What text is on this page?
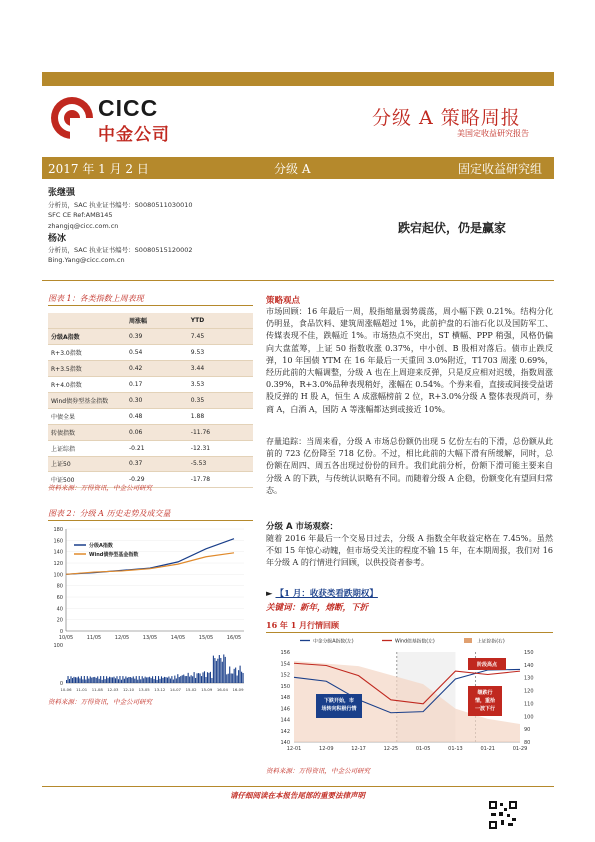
CICC
中金公司
分级 A 策略周报
美国定收益研究报告
2017 年 1 月 2 日	分级 A	固定收益研究组
张继强
分析员，SAC 执业证书编号：S0080511030010
SFC CE Ref:AMB145
zhangjq@cicc.com.cn
杨冰
分析员，SAC 执业证书编号：S0080515120002
Bing.Yang@cicc.com.cn
跌宕起伏，仍是赢家
图表 1：各类指数上周表现
	周涨幅	YTD
分级A指数	0.39	7.45
R+3.0指数	0.54	9.53
R+3.5指数	0.42	3.44
R+4.0指数	0.17	3.53
Wind债券型基金指数	0.30	0.35
中债全果	0.48	1.88
转债指数	0.06	-11.76
上证综指	-0.21	-12.31
上证50	0.37	-5.53
中证500	-0.29	-17.78
资料来源：万得资讯，中金公司研究
图表 2：分级 A 历史走势及成交量
0
20
40
60
80
100
120
140
160
180
10/05	11/05	12/05	13/05	14/05	15/05	16/05
分级A指数
Wind债券型基金指数
0
100
10-06 11-01 11-08 12-03 12-10 13-05 13-12 14-07 15-02 15-09 16-04 16-09
资料来源：万得资讯，中金公司研究
策略观点
市场回顾：16 年最后一周，股指缩量弱势震荡，周小幅下跌 0.21%。结构分化仍明显，食品饮料、建筑周涨幅超过 1%，此前护盘的石油石化以及国防军工、传媒表现不佳，跌幅近 1%。市场热点不突出，ST 横幅、PPP 稍强，风格仍偏向大盘蓝筹，上证 50 指数收涨 0.37%，中小创、B 股相对落后。债市止跌反弹，10 年国债 YTM 在 16 年最后一天重回 3.0%附近，T1703 周涨 0.69%，经历此前的大幅调整，分级 A 也在上周迎来反弹，只是反应相对迟缓，指数周涨 0.39%，R+3.0%品种表现稍好，涨幅在 0.54%。个券来看，直接或间接受益诺股反弹的 H 股 A，恒生 A 成涨幅榜前 2 位，R+3.0%分级 A 整体表现尚可，券商 A，白酒 A，国防 A 等涨幅都达到或接近 10%。
存量追踪：当周来看，分级 A 市场总份额仍出现 5 亿份左右的下滑，总份额从此前的 723 亿份降至 718 亿份。不过，相比此前的大幅下滑有所缓解，同时，总份额在周四、周五各出现过份份的回升。我们此前分析，份额下滑可能主要来自分级 A 的下跌，与传统认识略有不同。而随着分级 A 企稳，份额变化有望回归常态。
分级 A 市场观察：
随着 2016 年最后一个交易日过去，分级 A 指数全年收益定格在 7.45%。虽然不如 15 年惊心动魄，但市场受关注的程度不输 15 年，在本期周报，我们对 16 年分级 A 的行情进行回顾，以供投资者参考。
► 【1 月：收获类看跌期权】
关键词：新年，熔断，下折
16 年 1 月行情回顾
140
142
144
146
148
150
152
154
156
80
90
100
110
120
130
140
150
12-01	12-09	12-17	12-25	01-05	01-13	01-21	01-29
中金分级A指数(左)	Wind债基指数(左)	上证综指(右)
下跌开始，市
场转向积极行情
阶段高点
继跌行
情，重拾
一波下行
资料来源：万得资讯，中金公司研究
请仔细阅读在本报告尾部的重要法律声明
